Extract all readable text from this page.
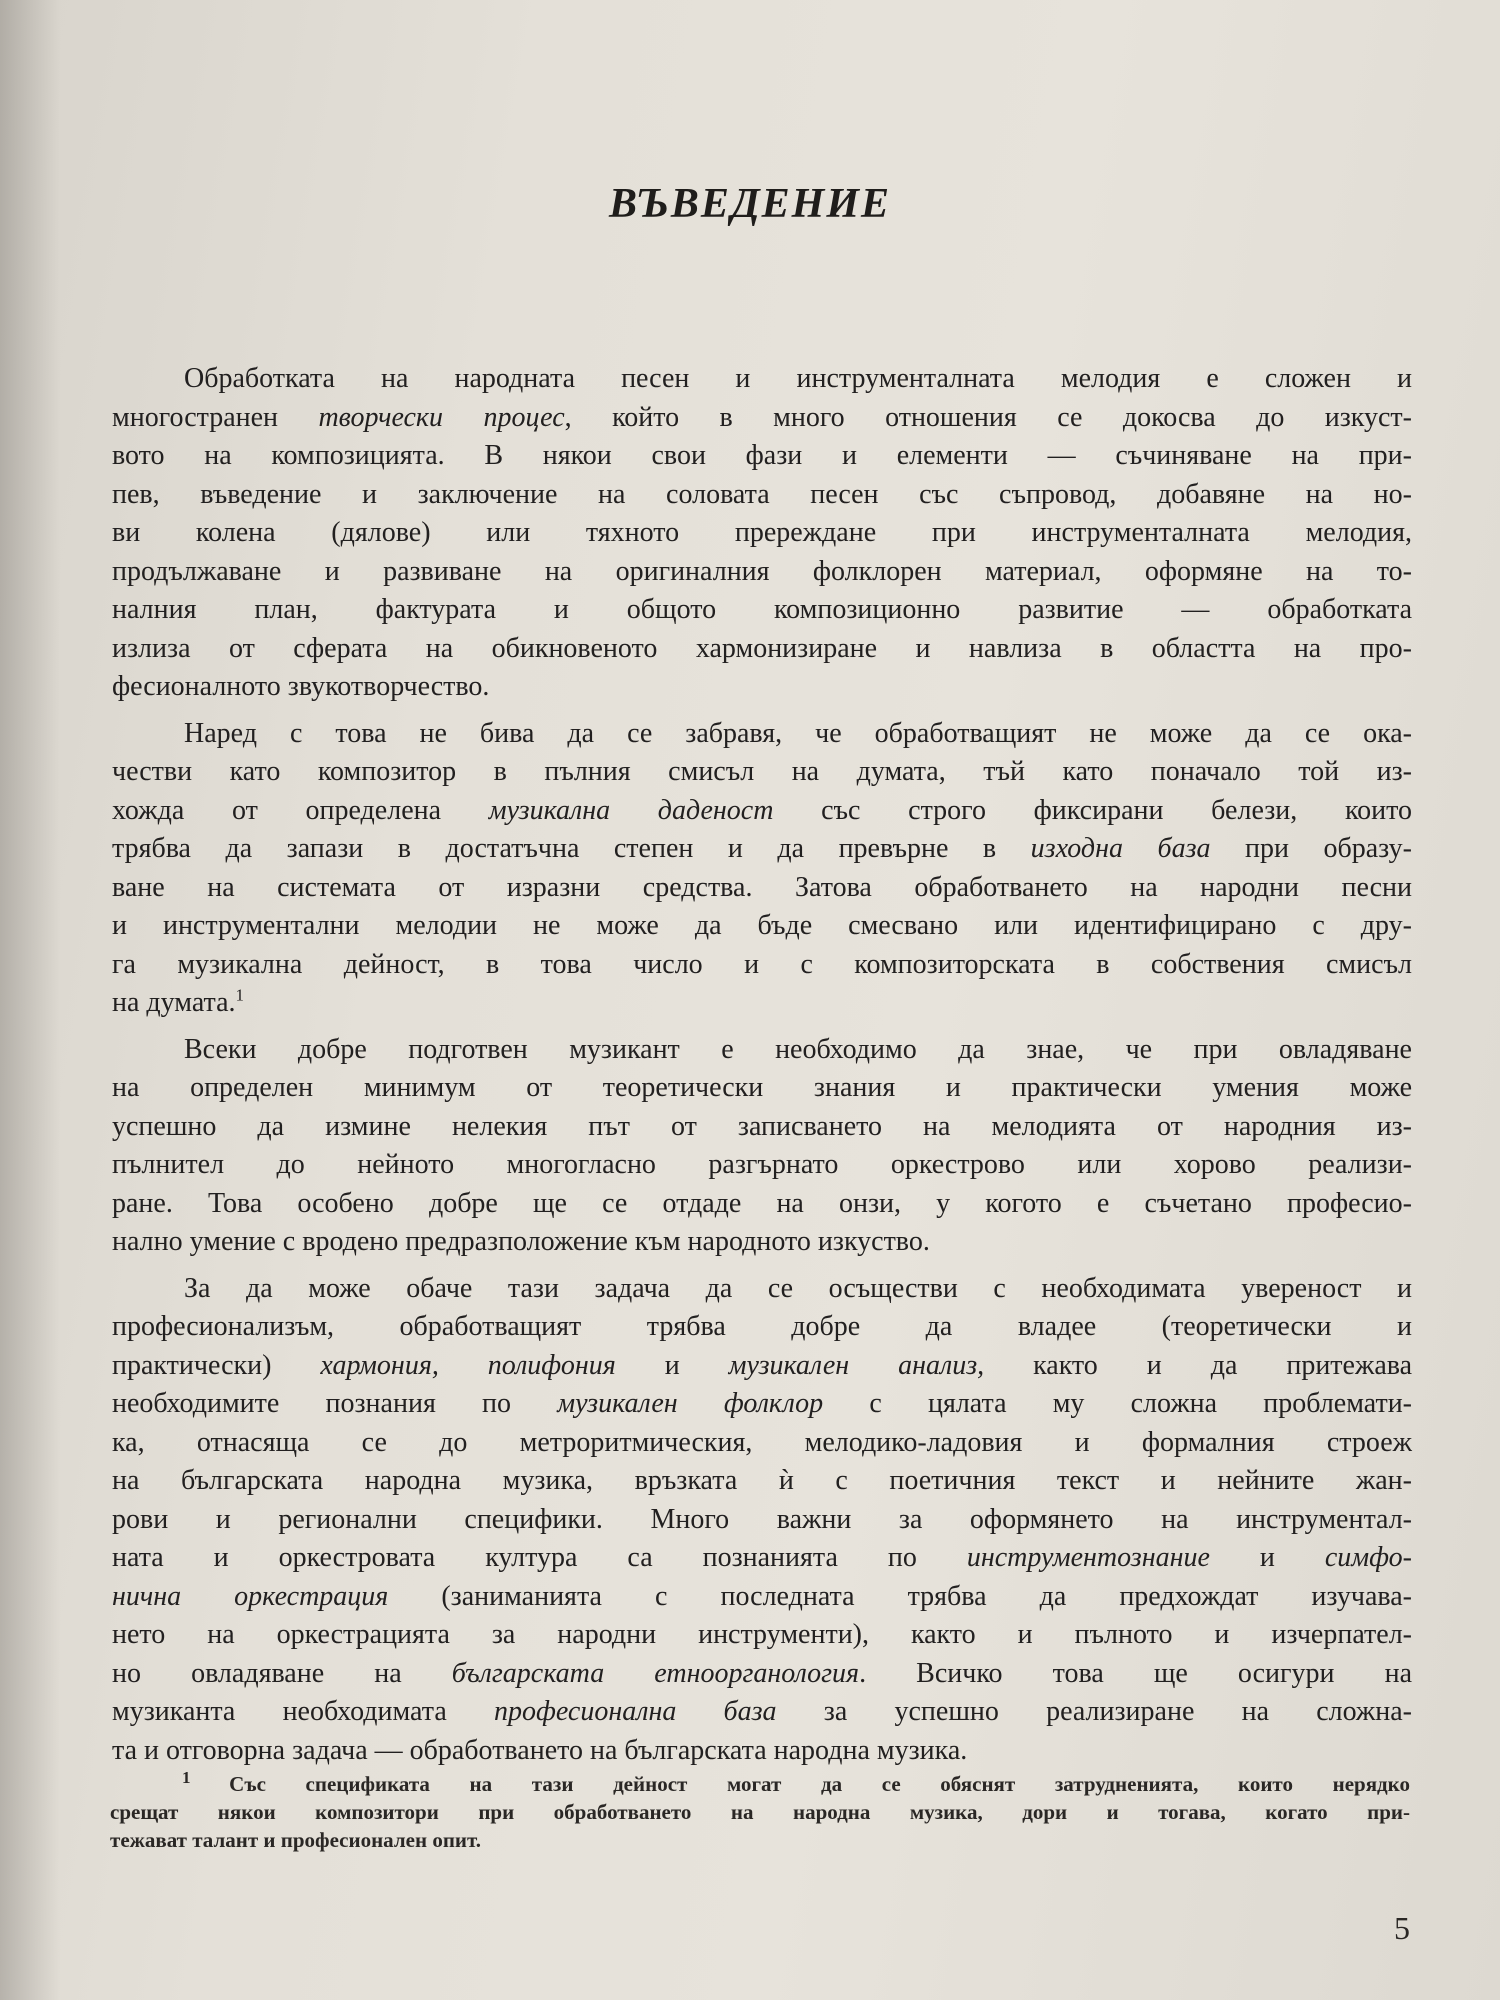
ВЪВЕДЕНИЕ
Обработката на народната песен и инструменталната мелодия е сложен и
многостранен творчески процес, който в много отношения се докосва до изкуст-
вото на композицията. В някои свои фази и елементи — съчиняване на при-
пев, въведение и заключение на соловата песен със съпровод, добавяне на но-
ви колена (дялове) или тяхното пререждане при инструменталната мелодия,
продължаване и развиване на оригиналния фолклорен материал, оформяне на то-
налния план, фактурата и общото композиционно развитие — обработката
излиза от сферата на обикновеното хармонизиране и навлиза в областта на про-
фесионалното звукотворчество.
Наред с това не бива да се забравя, че обработващият не може да се ока-
честви като композитор в пълния смисъл на думата, тъй като поначало той из-
хожда от определена музикална даденост със строго фиксирани белези, които
трябва да запази в достатъчна степен и да превърне в изходна база при образу-
ване на системата от изразни средства. Затова обработването на народни песни
и инструментални мелодии не може да бъде смесвано или идентифицирано с дру-
га музикална дейност, в това число и с композиторската в собствения смисъл
на думата.$^1$
Всеки добре подготвен музикант е необходимо да знае, че при овладяване
на определен минимум от теоретически знания и практически умения може
успешно да измине нелекия път от записването на мелодията от народния из-
пълнител до нейното многогласно разгърнато оркестрово или хорово реализи-
ране. Това особено добре ще се отдаде на онзи, у когото е съчетано професио-
нално умение с вродено предразположение към народното изкуство.
За да може обаче тази задача да се осъществи с необходимата увереност и
професионализъм, обработващият трябва добре да владее (теоретически и
практически) хармония, полифония и музикален анализ, както и да притежава
необходимите познания по музикален фолклор с цялата му сложна проблемати-
ка, отнасяща се до метроритмическия, мелодико-ладовия и формалния строеж
на българската народна музика, връзката ѝ с поетичния текст и нейните жан-
рови и регионални специфики. Много важни за оформянето на инструментал-
ната и оркестровата култура са познанията по инструментознание и симфо-
нична оркестрация (заниманията с последната трябва да предхождат изучава-
нето на оркестрацията за народни инструменти), както и пълното и изчерпател-
но овладяване на българската етноорганология. Всичко това ще осигури на
музиканта необходимата професионална база за успешно реализиране на сложна-
та и отговорна задача — обработването на българската народна музика.
$^1$ Със спецификата на тази дейност могат да се обяснят затрудненията, които нерядко
срещат някои композитори при обработването на народна музика, дори и тогава, когато при-
тежават талант и професионален опит.
5
